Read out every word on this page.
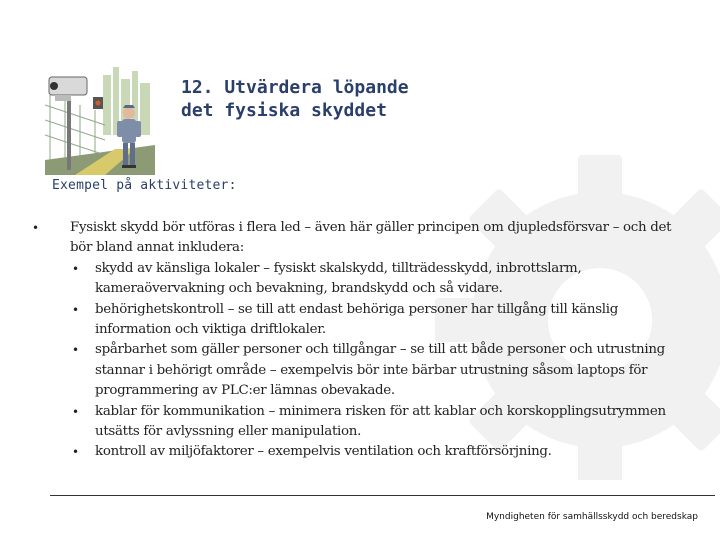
12. Utvärdera löpande
det fysiska skyddet

Exempel på aktiviteter:

• Fysiskt skydd bör utföras i flera led – även här gäller principen om djupledsförsvar – och det bör bland annat inkludera:
• skydd av känsliga lokaler – fysiskt skalskydd, tillträdesskydd, inbrottslarm, kameraövervakning och bevakning, brandskydd och så vidare.
• behörighetskontroll – se till att endast behöriga personer har tillgång till känslig information och viktiga driftlokaler.
• spårbarhet som gäller personer och tillgångar – se till att både personer och utrustning stannar i behörigt område – exempelvis bör inte bärbar utrustning såsom laptops för programmering av PLC:er lämnas obevakade.
• kablar för kommunikation – minimera risken för att kablar och korskopplingsutrymmen utsätts för avlyssning eller manipulation.
• kontroll av miljöfaktorer – exempelvis ventilation och kraftförsörjning.
Myndigheten för samhällsskydd och beredskap
